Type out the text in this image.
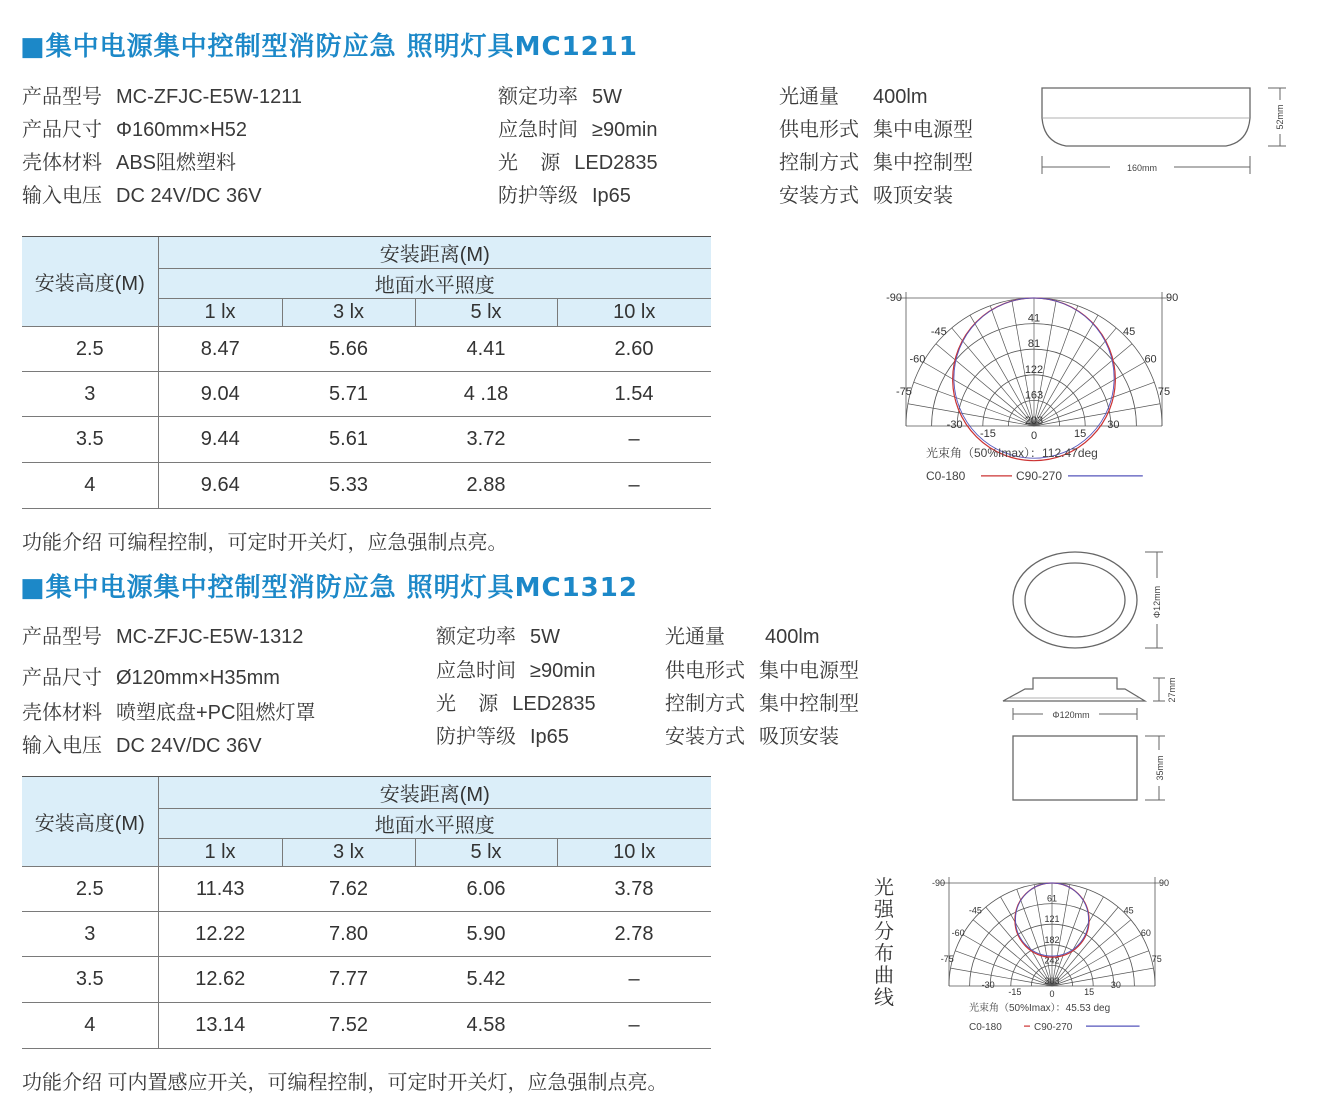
■集中电源集中控制型消防应急 照明灯具MC1211
产品型号 MC-ZFJC-E5W-1211
产品尺寸 Φ160mm×H52
壳体材料 ABS阻燃塑料
输入电压 DC 24V/DC 36V
额定功率 5W
应急时间 ≥90min
光    源 LED2835
防护等级 Ip65
光通量 400lm
供电形式 集中电源型
控制方式 集中控制型
安装方式 吸顶安装
160mm
52mm
安装高度(M)	安装距离(M)			
	地面水平照度			
	1 lx	3 lx	5 lx	10 lx
2.5	8.47	5.66	4.41	2.60
3	9.04	5.71	4 .18	1.54
3.5	9.44	5.61	3.72	–
4	9.64	5.33	2.88	–
-90	90
-75	75
-60	60
-45	45
-30	30
-15	15
0
41
81
122
163
203
光束角（50%Imax）：112.47deg
C0-180	C90-270
功能介绍 可编程控制，可定时开关灯，应急强制点亮。
■集中电源集中控制型消防应急 照明灯具MC1312
产品型号 MC-ZFJC-E5W-1312
产品尺寸 Ø120mm×H35mm
壳体材料 喷塑底盘+PC阻燃灯罩
输入电压 DC 24V/DC 36V
额定功率 5W
应急时间 ≥90min
光    源 LED2835
防护等级 Ip65
光通量 400lm
供电形式 集中电源型
控制方式 集中控制型
安装方式 吸顶安装
Φ12mm
Φ120mm
27mm
35mm
安装高度(M)	安装距离(M)			
	地面水平照度			
	1 lx	3 lx	5 lx	10 lx
2.5	11.43	7.62	6.06	3.78
3	12.22	7.80	5.90	2.78
3.5	12.62	7.77	5.42	–
4	13.14	7.52	4.58	–
光强分布曲线
-90	90
-75	75
-60	60
-45	45
-30	30
-15	15
0
61
121
182
242
303
光束角（50%Imax）：45.53 deg
C0-180	C90-270
功能介绍 可内置感应开关，可编程控制，可定时开关灯，应急强制点亮。
